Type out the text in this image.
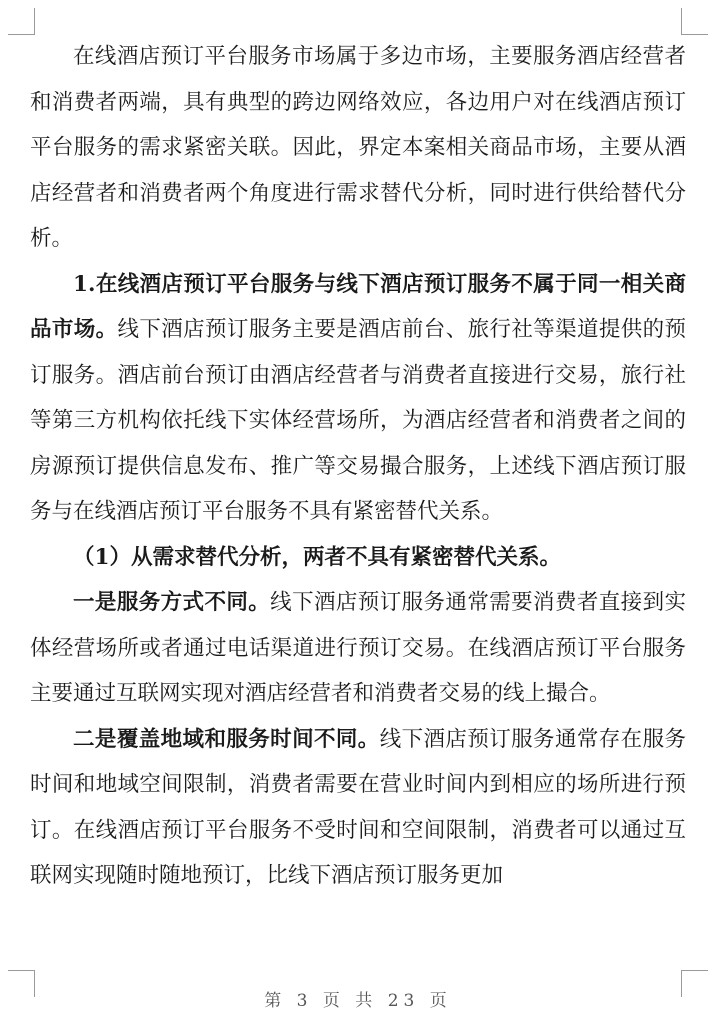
在线酒店预订平台服务市场属于多边市场，主要服务酒店经营者和消费者两端，具有典型的跨边网络效应，各边用户对在线酒店预订平台服务的需求紧密关联。因此，界定本案相关商品市场，主要从酒店经营者和消费者两个角度进行需求替代分析，同时进行供给替代分析。

1.在线酒店预订平台服务与线下酒店预订服务不属于同一相关商品市场。线下酒店预订服务主要是酒店前台、旅行社等渠道提供的预订服务。酒店前台预订由酒店经营者与消费者直接进行交易，旅行社等第三方机构依托线下实体经营场所，为酒店经营者和消费者之间的房源预订提供信息发布、推广等交易撮合服务，上述线下酒店预订服务与在线酒店预订平台服务不具有紧密替代关系。

（1）从需求替代分析，两者不具有紧密替代关系。

一是服务方式不同。线下酒店预订服务通常需要消费者直接到实体经营场所或者通过电话渠道进行预订交易。在线酒店预订平台服务主要通过互联网实现对酒店经营者和消费者交易的线上撮合。

二是覆盖地域和服务时间不同。线下酒店预订服务通常存在服务时间和地域空间限制，消费者需要在营业时间内到相应的场所进行预订。在线酒店预订平台服务不受时间和空间限制，消费者可以通过互联网实现随时随地预订，比线下酒店预订服务更加

第 3 页 共 23 页
